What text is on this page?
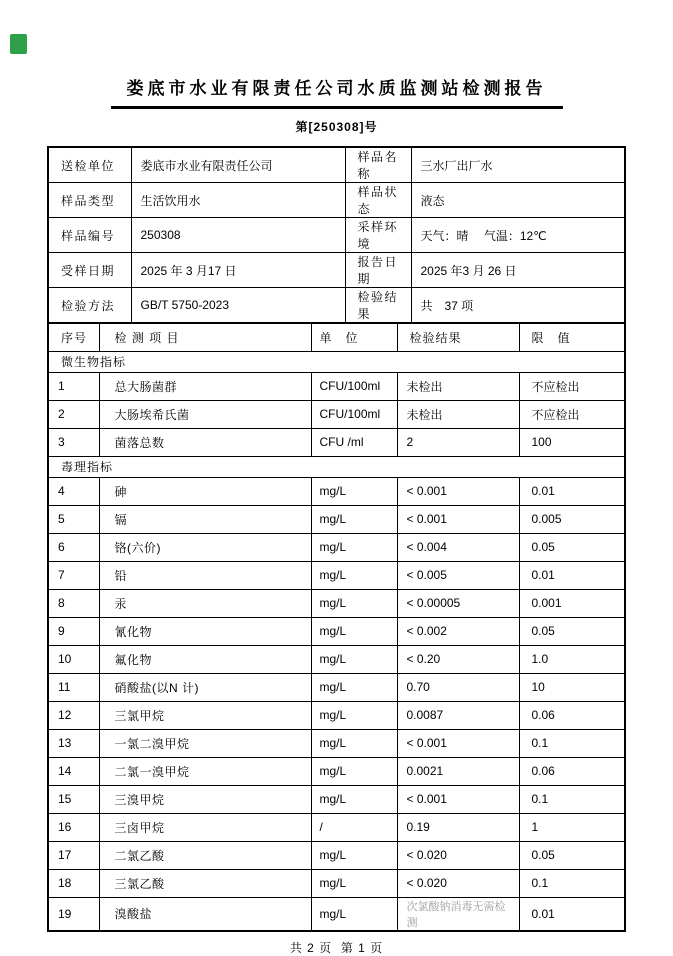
娄底市水业有限责任公司水质监测站检测报告
第[250308]号
送检单位	娄底市水业有限责任公司	样品名称	三水厂出厂水
样品类型	生活饮用水	样品状态	液态
样品编号	250308	采样环境	天气：晴　 气温：12℃
受样日期	2025 年 3 月17 日	报告日期	2025 年3 月 26 日
检验方法	GB/T 5750-2023	检验结果	共　37 项
序号	检 测 项 目	单　位	检验结果	限　值
微生物指标				
1	总大肠菌群	CFU/100ml	未检出	不应检出
2	大肠埃希氏菌	CFU/100ml	未检出	不应检出
3	菌落总数	CFU /ml	2	100
毒理指标				
4	砷	mg/L	< 0.001	0.01
5	镉	mg/L	< 0.001	0.005
6	铬(六价)	mg/L	< 0.004	0.05
7	铅	mg/L	< 0.005	0.01
8	汞	mg/L	< 0.00005	0.001
9	氰化物	mg/L	< 0.002	0.05
10	氟化物	mg/L	< 0.20	1.0
11	硝酸盐(以N 计)	mg/L	0.70	10
12	三氯甲烷	mg/L	0.0087	0.06
13	一氯二溴甲烷	mg/L	< 0.001	0.1
14	二氯一溴甲烷	mg/L	0.0021	0.06
15	三溴甲烷	mg/L	< 0.001	0.1
16	三卤甲烷	/	0.19	1
17	二氯乙酸	mg/L	< 0.020	0.05
18	三氯乙酸	mg/L	< 0.020	0.1
19	溴酸盐	mg/L	次氯酸钠消毒无需检测	0.01
共 2 页  第 1 页
